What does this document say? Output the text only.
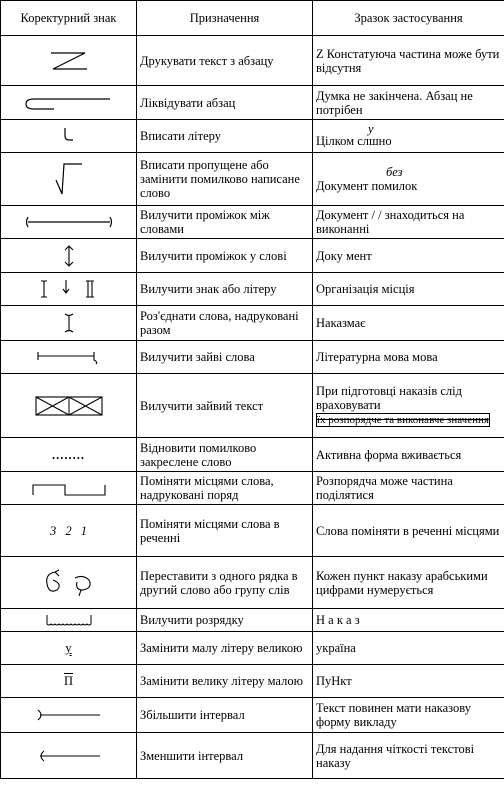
Коректурний знак	Призначення	Зразок застосування

	Друкувати текст з абзацу	Z Констатуюча частина може бути відсутня

	Ліквідувати абзац	Думка не закінчена. Абзац не потрібен

	Вписати літеру	у
Цілком слшно

	Вписати пропущене або замінити помилково написане слово	без
Документ помилок

	Вилучити проміжок між словами	Документ / / знаходиться на виконанні

	Вилучити проміжок у слові	Доку мент

	Вилучити знак або літеру	Організація місція

	Роз'єднати слова, надруковані разом	Наказмає

	Вилучити зайві слова	Літературна мова мова

	Вилучити зайвий текст	При підготовці наказів слід враховувати
їх розпорядче та виконавче значення
........	Відновити помилково закреслене слово	Активна форма вживається

	Поміняти місцями слова, надруковані поряд	Розпорядча може частина поділятися
3 2 1	Поміняти місцями слова в реченні	Слова поміняти в реченні місцями

	Переставити з одного рядка в другий слово або групу слів	Кожен пункт наказу арабськими цифрами нумерується

	Вилучити розрядку	Н а к а з
у	Замінити малу літеру великою	україна
П	Замінити велику літеру малою	ПуНкт

	Збільшити інтервал	Текст повинен мати наказову форму викладу

	Зменшити інтервал	Для надання чіткості текстові наказу
